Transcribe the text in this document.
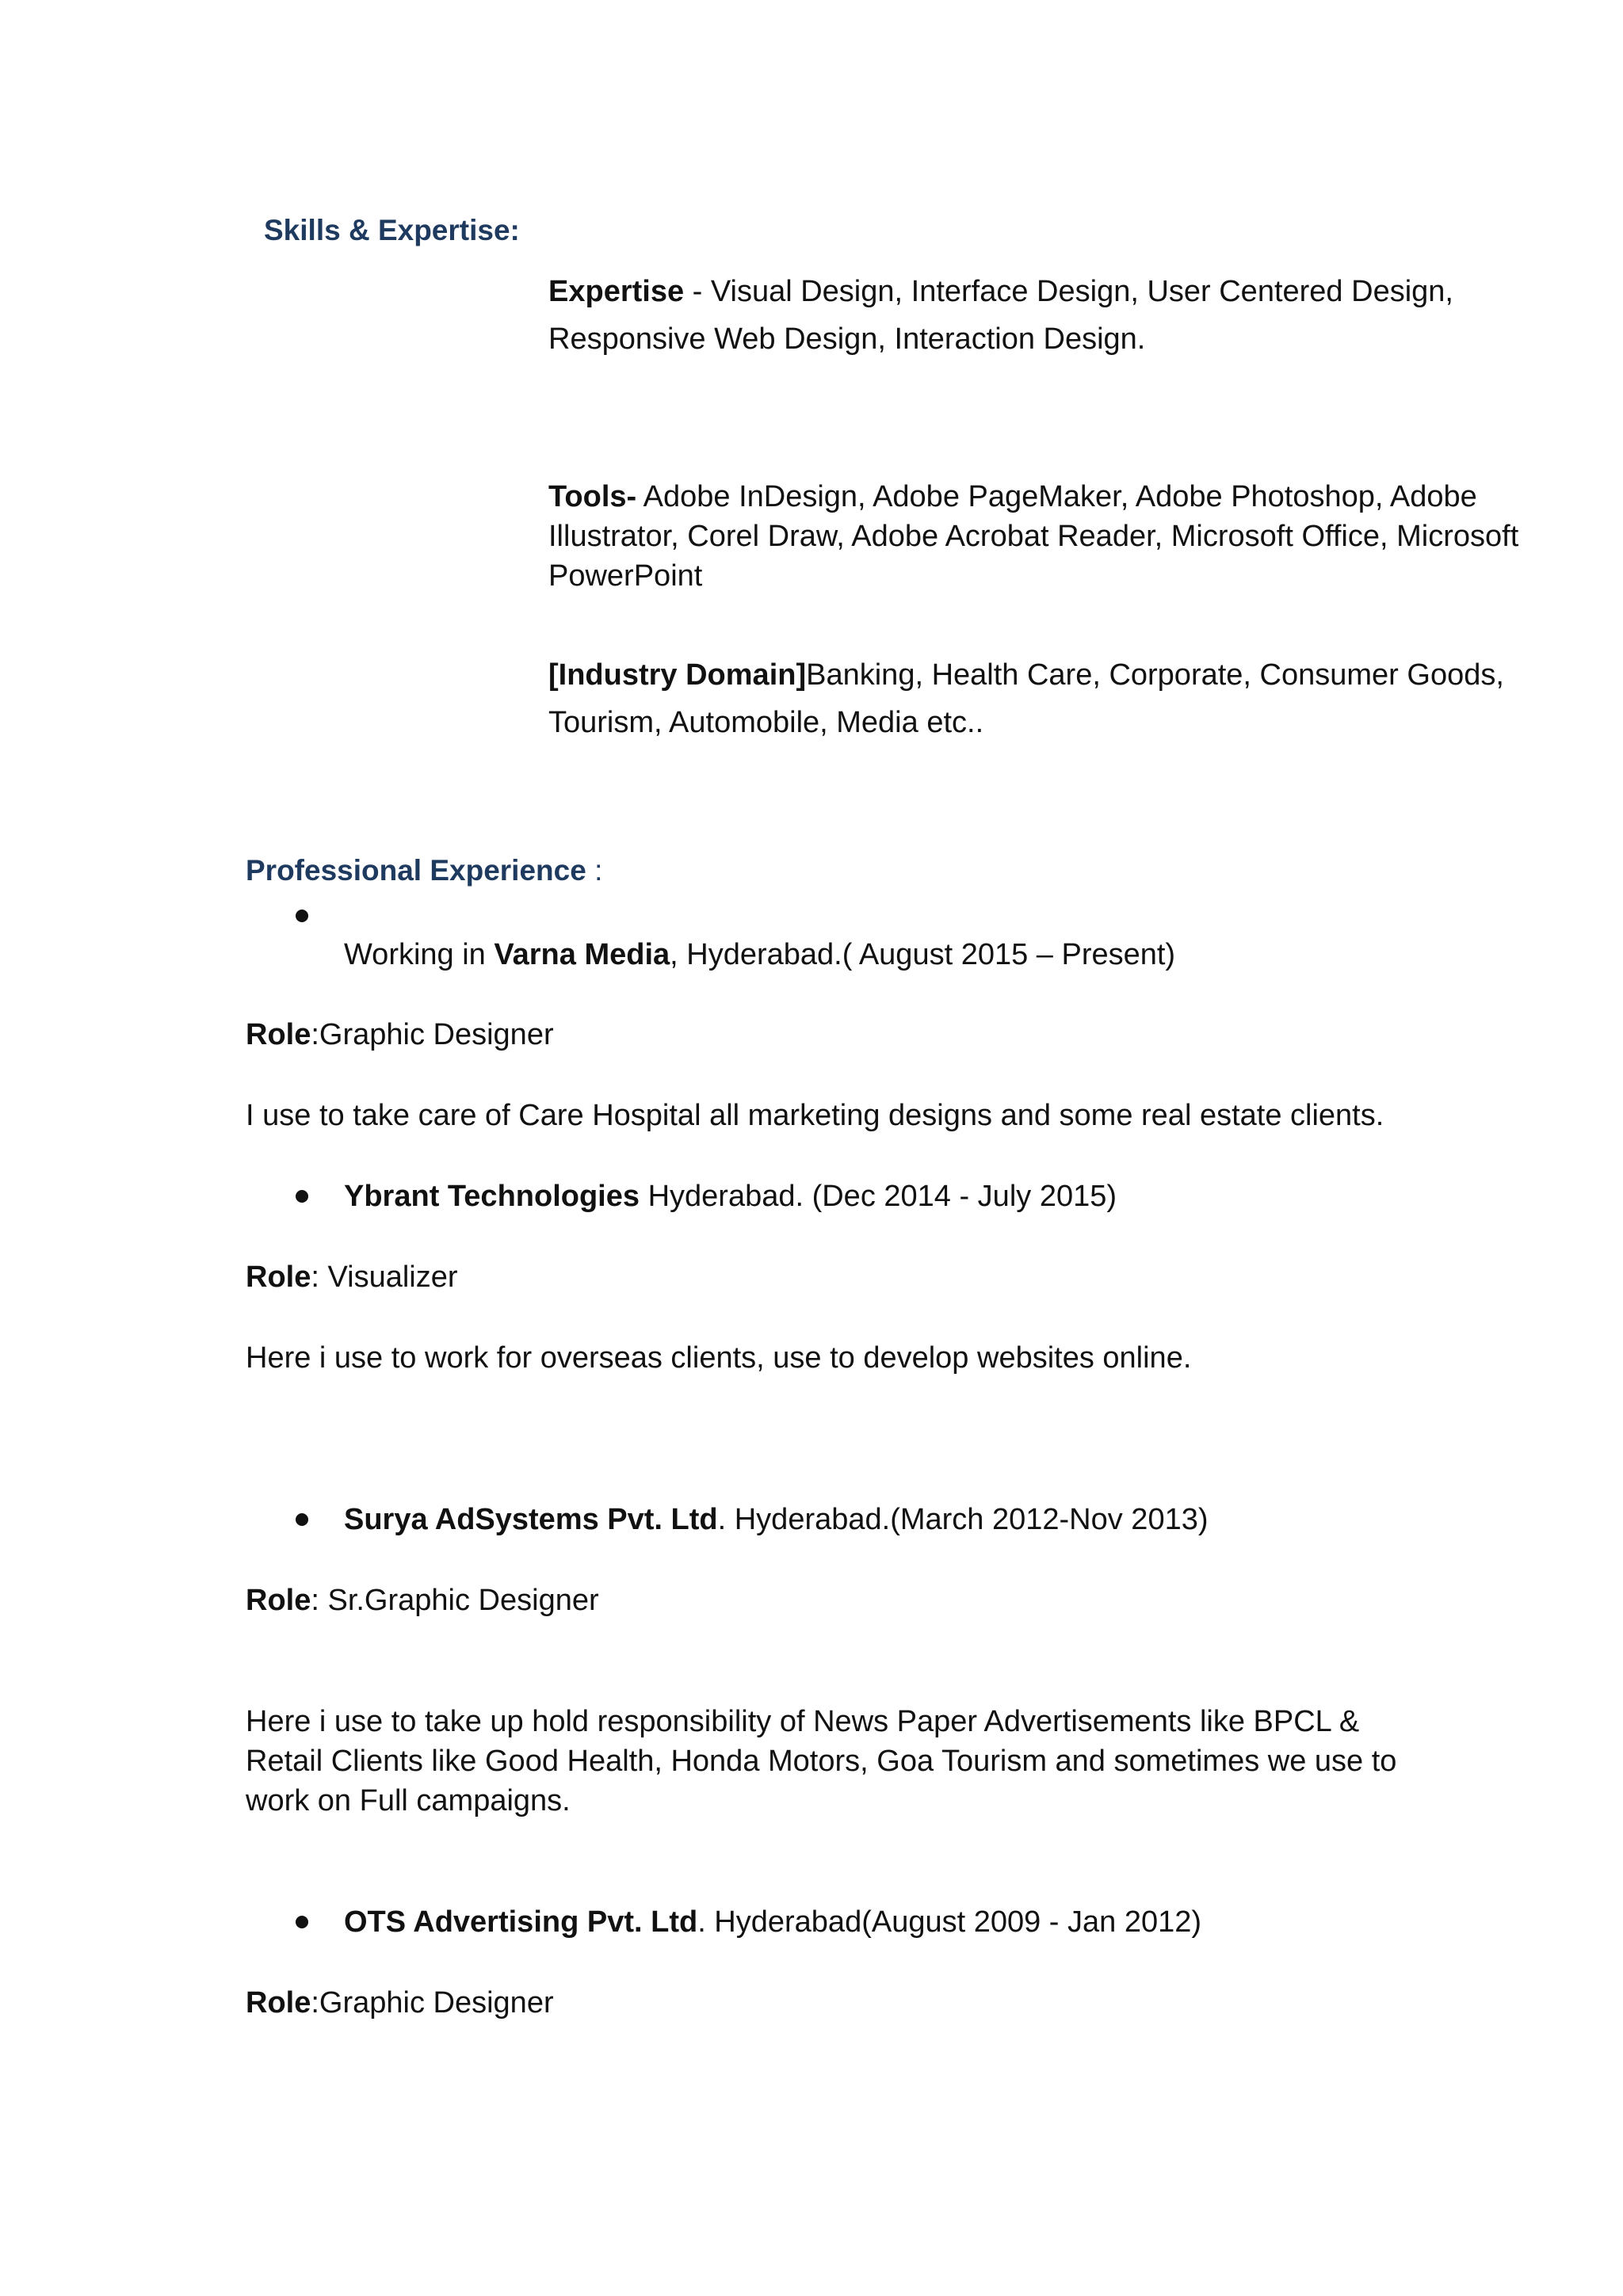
Skills & Expertise:
Expertise - Visual Design, Interface Design, User Centered Design, Responsive Web Design, Interaction Design.
Tools- Adobe InDesign, Adobe PageMaker, Adobe Photoshop, Adobe Illustrator, Corel Draw, Adobe Acrobat Reader, Microsoft Office, Microsoft PowerPoint
[Industry Domain]Banking, Health Care, Corporate, Consumer Goods, Tourism, Automobile, Media etc..
Professional Experience :
Working in Varna Media, Hyderabad.( August 2015 – Present)
Role:Graphic Designer
I use to take care of Care Hospital all marketing designs and some real estate clients.
Ybrant Technologies Hyderabad. (Dec 2014 - July 2015)
Role: Visualizer
Here i use to work for overseas clients, use to develop websites online.
Surya AdSystems Pvt. Ltd. Hyderabad.(March 2012-Nov 2013)
Role: Sr.Graphic Designer
Here i use to take up hold responsibility of News Paper Advertisements like BPCL & Retail Clients like Good Health, Honda Motors, Goa Tourism and sometimes we use to work on Full campaigns.
OTS Advertising Pvt. Ltd. Hyderabad(August 2009 - Jan 2012)
Role:Graphic Designer
